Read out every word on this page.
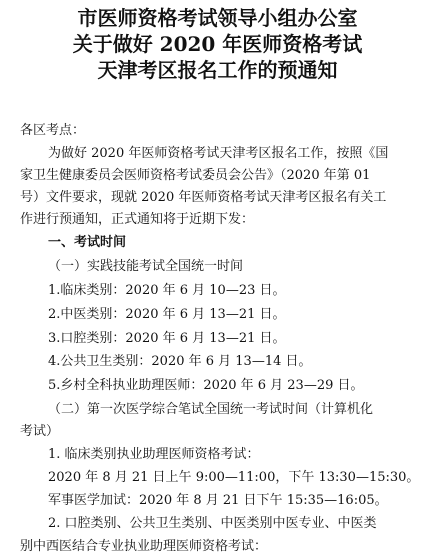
市医师资格考试领导小组办公室
关于做好 2020 年医师资格考试
天津考区报名工作的预通知
各区考点：
为做好 2020 年医师资格考试天津考区报名工作，按照《国
家卫生健康委员会医师资格考试委员会公告》（2020 年第 01
号）文件要求，现就 2020 年医师资格考试天津考区报名有关工
作进行预通知，正式通知将于近期下发：
一、考试时间
（一）实践技能考试全国统一时间
1.临床类别：2020 年 6 月 10—23 日。
2.中医类别：2020 年 6 月 13—21 日。
3.口腔类别：2020 年 6 月 13—21 日。
4.公共卫生类别：2020 年 6 月 13—14 日。
5.乡村全科执业助理医师：2020 年 6 月 23—29 日。
（二）第一次医学综合笔试全国统一考试时间（计算机化
考试）
1. 临床类别执业助理医师资格考试：
2020 年 8 月 21 日上午 9:00—11:00，下午 13:30—15:30。
军事医学加试：2020 年 8 月 21 日下午 15:35—16:05。
2. 口腔类别、公共卫生类别、中医类别中医专业、中医类
别中西医结合专业执业助理医师资格考试：
